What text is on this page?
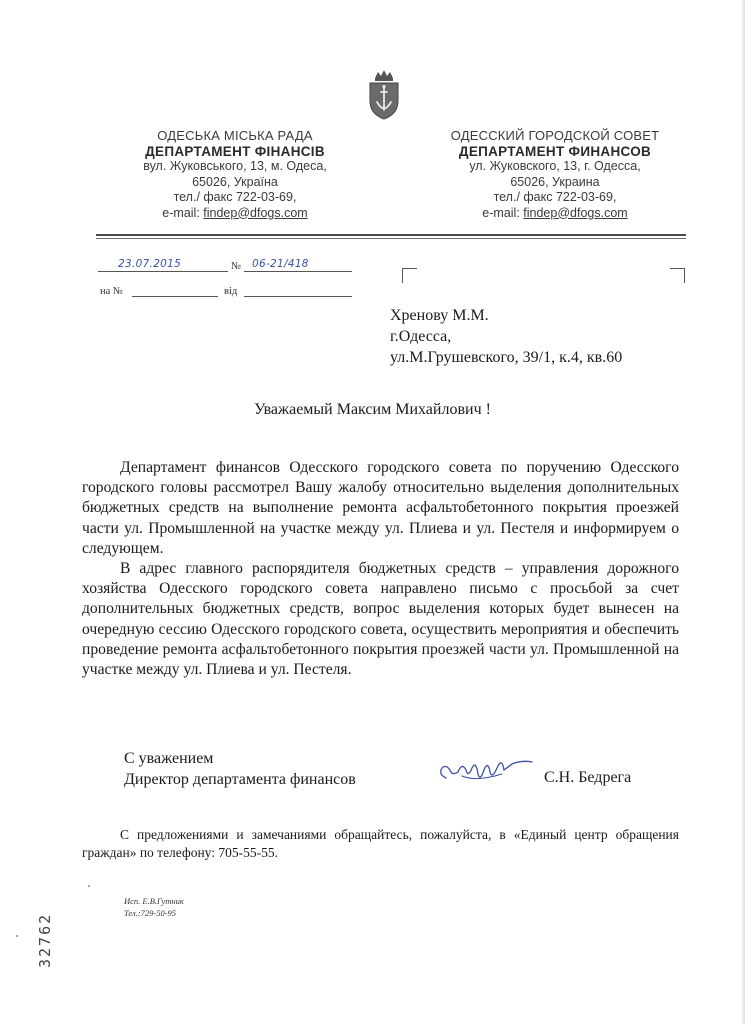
ОДЕСЬКА МІСЬКА РАДА
ДЕПАРТАМЕНТ ФІНАНСІВ
вул. Жуковського, 13, м. Одеса,
65026, Україна
тел./ факс 722-03-69,
e-mail: findep@dfogs.com
ОДЕССКИЙ ГОРОДСКОЙ СОВЕТ
ДЕПАРТАМЕНТ ФИНАНСОВ
ул. Жуковского, 13, г. Одесса,
65026, Украина
тел./ факс 722-03-69,
e-mail: findep@dfogs.com
23.07.2015	№ 06-21/418
на №	від
Хренову М.М.
г.Одесса,
ул.М.Грушевского, 39/1, к.4, кв.60
Уважаемый Максим Михайлович !

Департамент финансов Одесского городского совета по поручению Одесского городского головы рассмотрел Вашу жалобу относительно выделения дополнительных бюджетных средств на выполнение ремонта асфальтобетонного покрытия проезжей части ул. Промышленной на участке между ул. Плиева и ул. Пестеля и информируем о следующем.

В адрес главного распорядителя бюджетных средств – управления дорожного хозяйства Одесского городского совета направлено письмо с просьбой за счет дополнительных бюджетных средств, вопрос выделения которых будет вынесен на очередную сессию Одесского городского совета, осуществить мероприятия и обеспечить проведение ремонта асфальтобетонного покрытия проезжей части ул. Промышленной на участке между ул. Плиева и ул. Пестеля.

С уважением
Директор департамента финансов	С.Н. Бедрега

С предложениями и замечаниями обращайтесь, пожалуйста, в «Единый центр обращения граждан» по телефону: 705-55-55.

Исп. Е.В.Гутник
Тел.:729-50-95
32762
